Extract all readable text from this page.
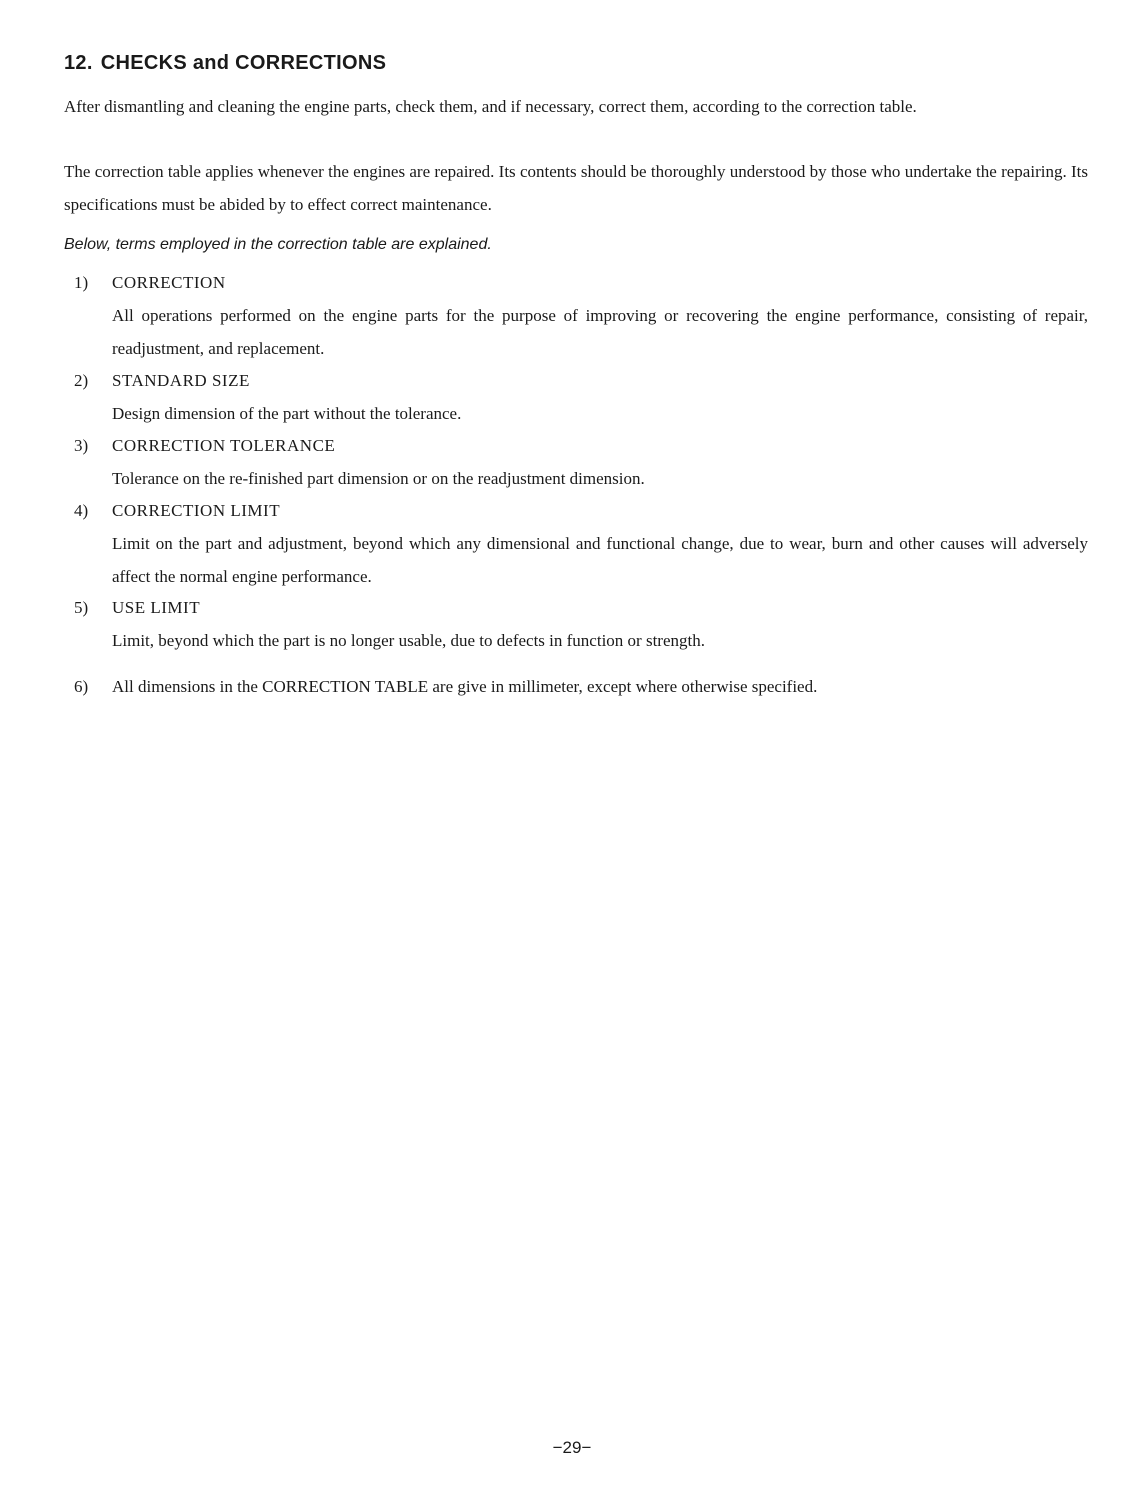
12. CHECKS and CORRECTIONS
After dismantling and cleaning the engine parts, check them, and if necessary, correct them, according to the correction table.
The correction table applies whenever the engines are repaired. Its contents should be thoroughly understood by those who undertake the repairing. Its specifications must be abided by to effect correct maintenance.
Below, terms employed in the correction table are explained.
1) CORRECTION
All operations performed on the engine parts for the purpose of improving or recovering the engine performance, consisting of repair, readjustment, and replacement.
2) STANDARD SIZE
Design dimension of the part without the tolerance.
3) CORRECTION TOLERANCE
Tolerance on the re-finished part dimension or on the readjustment dimension.
4) CORRECTION LIMIT
Limit on the part and adjustment, beyond which any dimensional and functional change, due to wear, burn and other causes will adversely affect the normal engine performance.
5) USE LIMIT
Limit, beyond which the part is no longer usable, due to defects in function or strength.
6) All dimensions in the CORRECTION TABLE are give in millimeter, except where otherwise specified.
−29−
